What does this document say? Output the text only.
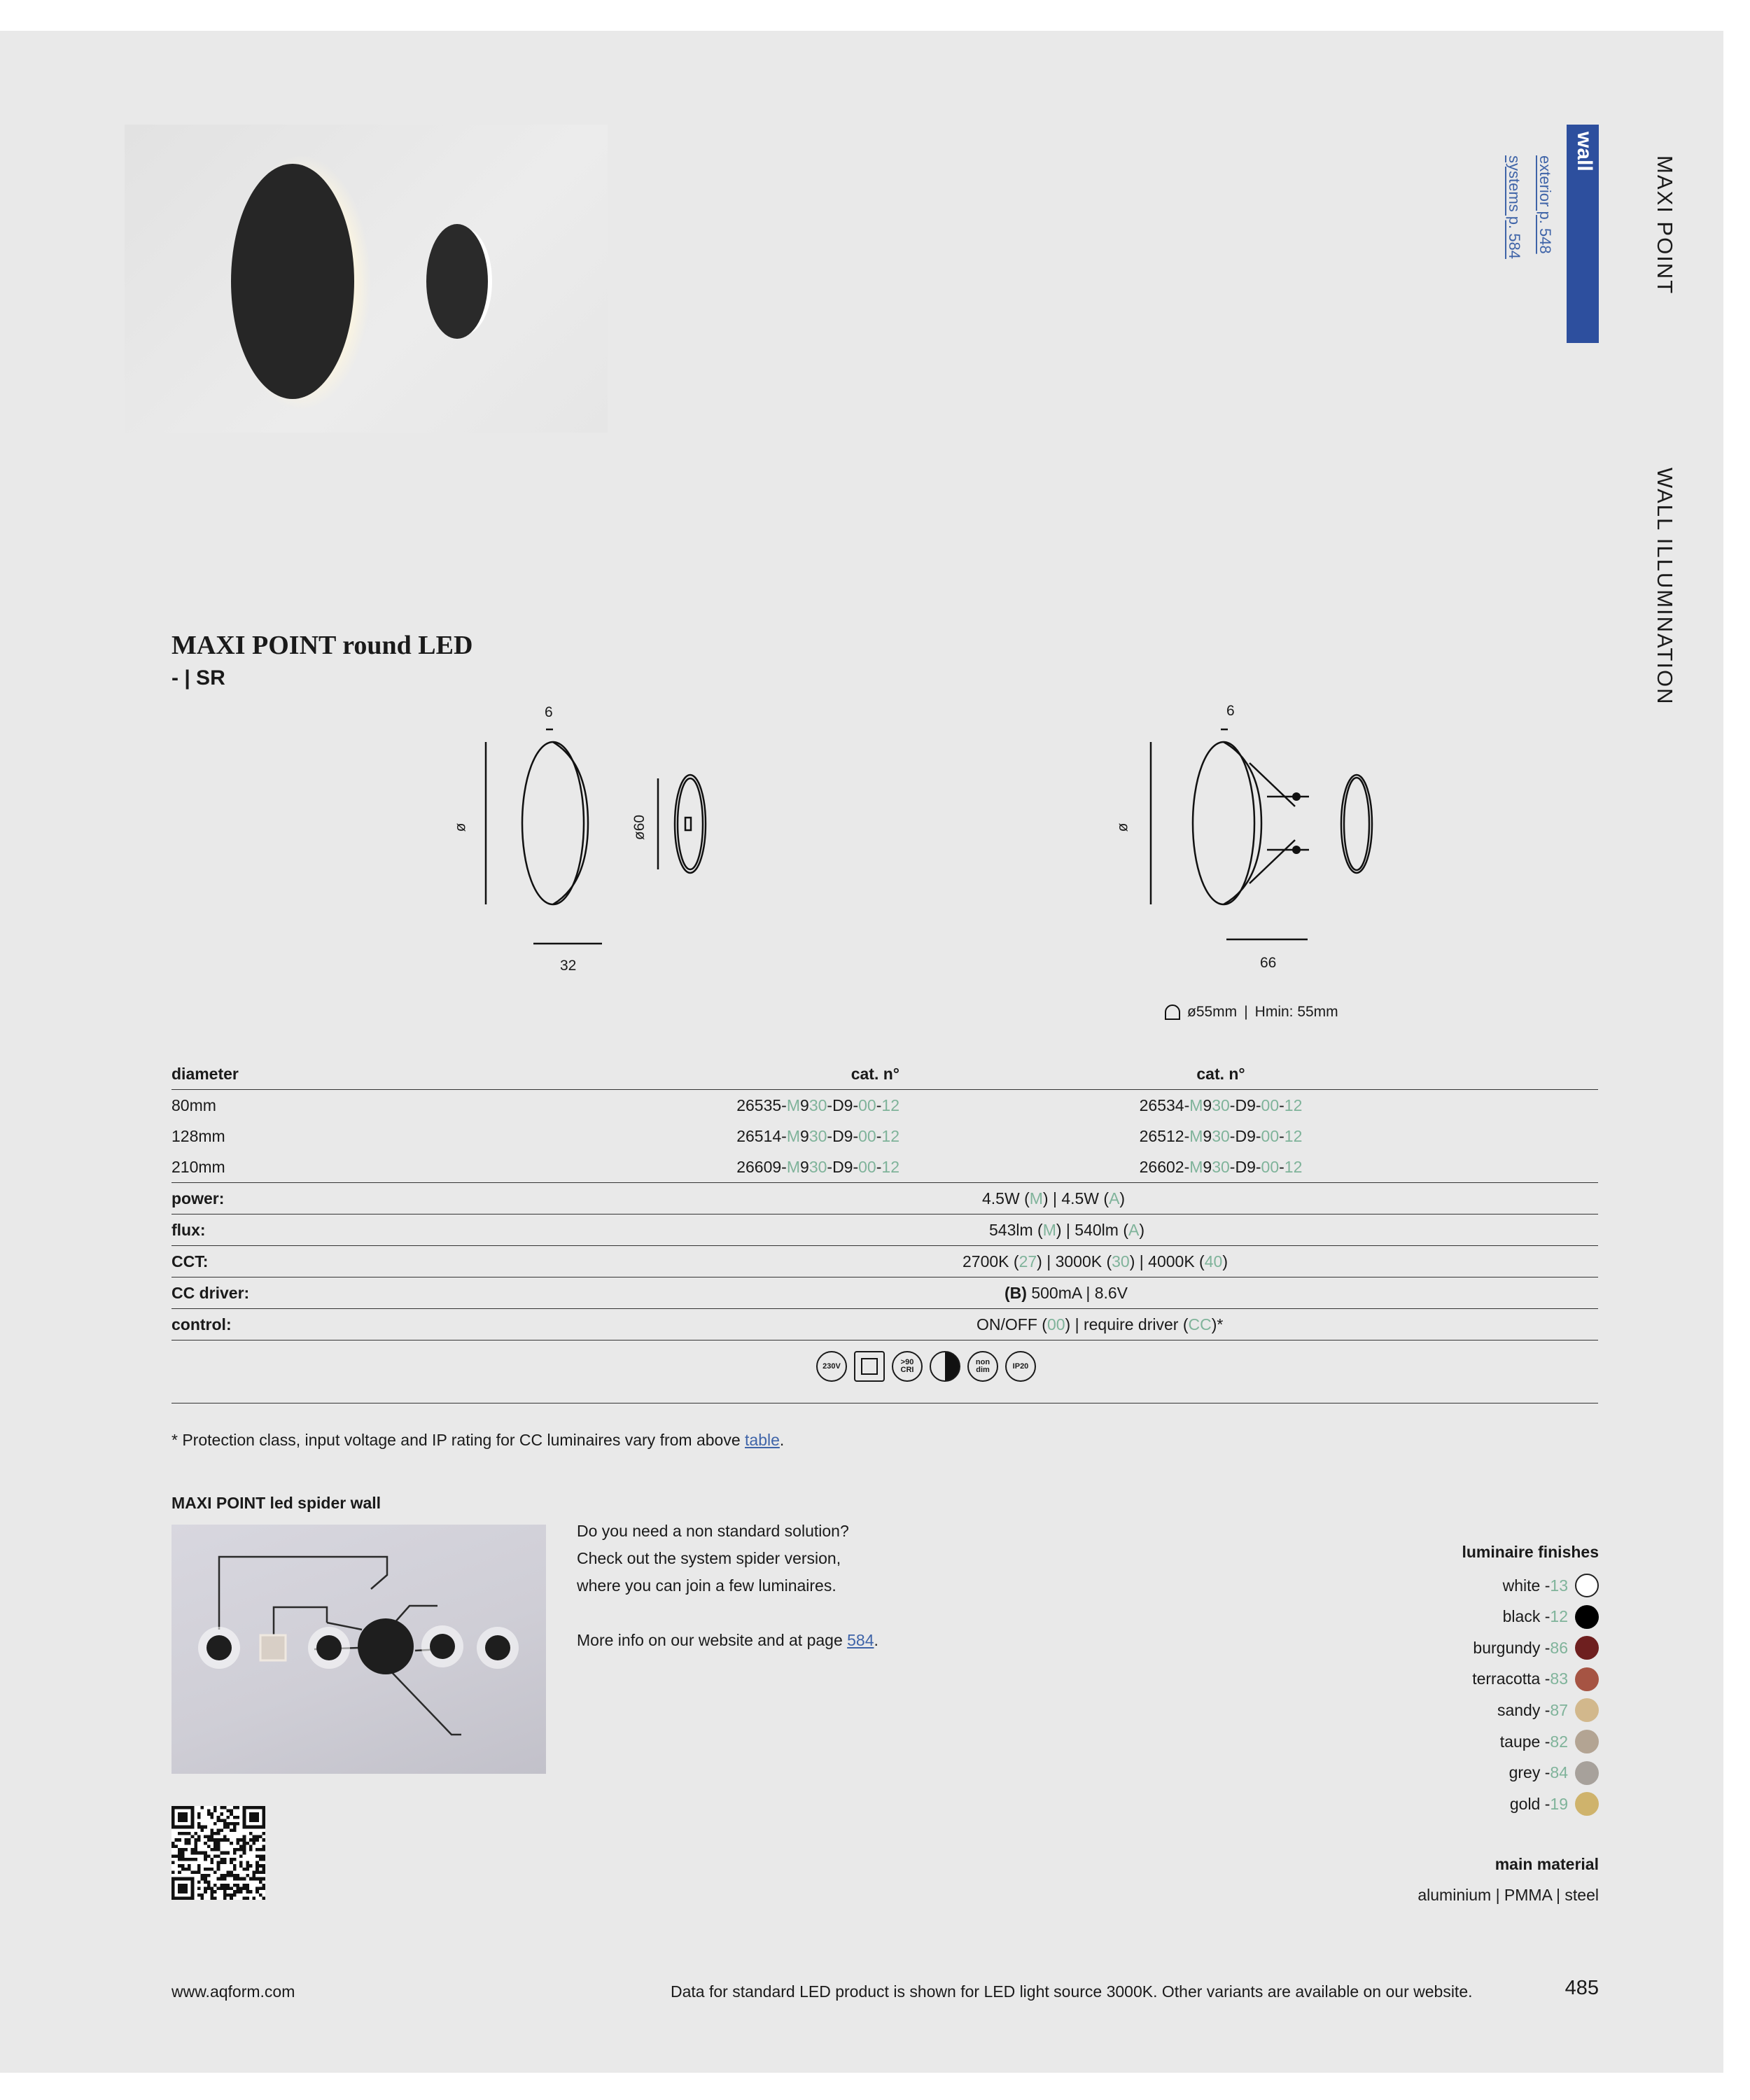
MAXI POINT
WALL ILLUMINATION
wall
exterior p. 548
systems p. 584
MAXI POINT round LED
- | SR
6
ø	ø60
32
6
ø
66
ø55mm | Hmin: 55mm
diameter	cat. n°	cat. n°
80mm	26535-M930-D9-00-12	26534-M930-D9-00-12
128mm	26514-M930-D9-00-12	26512-M930-D9-00-12
210mm	26609-M930-D9-00-12	26602-M930-D9-00-12
power:	4.5W (M) | 4.5W (A)	
flux:	543lm (M) | 540lm (A)	
CCT:	2700K (27) | 3000K (30) | 4000K (40)	
CC driver:	(B) 500mA | 8.6V	
control:	ON/OFF (00) | require driver (CC)*	
230V	>90 CRI
non dim	IP20
* Protection class, input voltage and IP rating for CC luminaires vary from above table.
MAXI POINT led spider wall
Do you need a non standard solution?
Check out the system spider version,
where you can join a few luminaires.
More info on our website and at page 584.
luminaire finishes
white -13
black -12
burgundy -86
terracotta -83
sandy -87
taupe -82
grey -84
gold -19
main material
aluminium | PMMA | steel
www.aqform.com	Data for standard LED product is shown for LED light source 3000K. Other variants are available on our website.	485
